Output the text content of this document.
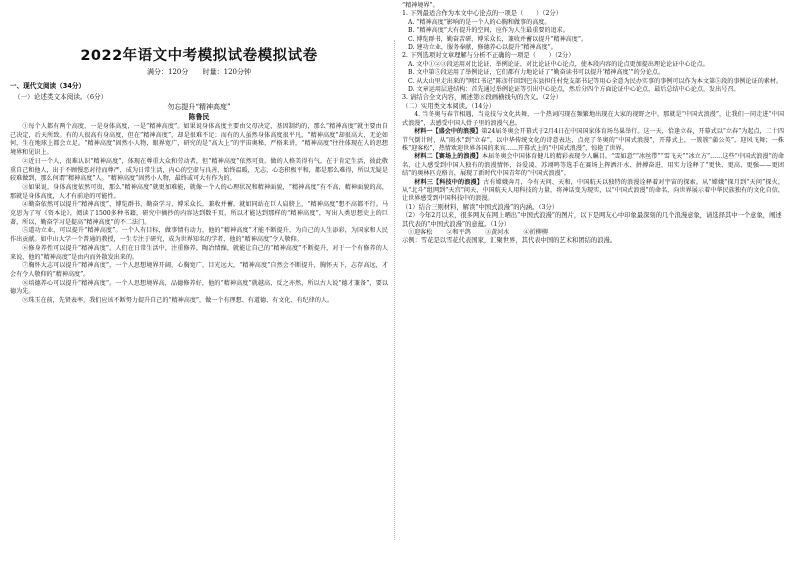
2022年语文中考模拟试卷模拟试卷
满分：120分 时量：120分钟
一、现代文阅读（34分）
（一）论述类文本阅读。（6分）
勿忘提升“精神高度”
陈鲁民

①每个人都有两个高度，一是身体高度，一是“精神高度”。如果说身体高度主要由父母决定、基因制约的，那么“精神高度”就主要由自己决定，后天所致。有的人很高有身高度，但在“精神高度”，却是很难不足；而有的人虽然身体高度很平凡，“精神高度”却很高大，无论如何，生在地球上都会立足。“精神高度”固然小人物，眼界宽广，研究的是“高大上”的宇宙奥秘，严格来讲，“精神高度”往往体现在人的思想境界和见识上。

②近日一个人，很难认识“精神高度”，体现在尊重大众和劳动者，但“精神高度”依然可贵。做的人格美得有气，在于肯定生活，彼此敬重自己和他人，出于不顾慢恶对待而尊严，成为日常生活，内心的空虚与良善，始终温暖，无志，心态积极平和，都是那么难得，所以无疑是较难做到，那么何谓“精神高度”人。“精神高度”固然小人物，最终或可大有作为的。

③如果说，身体高度依然可贵，那么“精神高度”就更加难能，就像一个人的心理状况和精神面貌，“精神高度”有不高，精神面貌的高，那就是身体高度，人才有前途的可能性。

④勤奋依然可以提升“精神高度”，博览群书，勤奋学习，博采众长，兼收并蓄。就如同站在巨人肩膀上，“精神高度”想不高都不行。马克思为了写《资本论》，阅读了1500多种书籍，研究中摘抄的内容达到数千页，所以才能达到那样的“精神高度”，写出人类思想史上的巨著，所以，勤奋学习是提高“精神高度”的不二法门。

⑤道功立业，可以提升“精神高度”。一个人有目标，做事情有动力，他的“精神高度”才能不断提升，为自己的人生添彩，为国家和人民作出贡献。如中山大学一个普通的教授，一生专注于研究，成为世界知名的学者，他的“精神高度”令人敬仰。

⑥修身养性可以提升“精神高度”。人们在日常生活中，注重修养，陶冶情操，就能让自己的“精神高度”不断提升，对于一个有修养的人来说，他的“精神高度”是由内而外散发出来的。

⑦胸怀大志可以提升“精神高度”，一个人思想境界开阔，心胸宽广，目光远大，“精神高度”自然会不断提升，胸怀天下，志存高远，才会有令人敬仰的“精神高度”。

⑧培德养心可以提升“精神高度”。一个人思想境界高，品德修养好，他的“精神高度”就越高，反之亦然，所以古人说“德才兼备”，要以德为先。

⑨珠玉在前，先贤表率，我们应该不断努力提升自己的“精神高度”，做一个有理想、有道德、有文化、有纪律的人。

“精神境界”。
1. 下列最适合作为本文中心论点的一项是（　　）（2分）
A. “精神高度”影响的是一个人的心胸和做事的高度。
B. “精神高度”大有提升的空间，应作为人生最重要的追求。
C. 博览群书，勤奋苦研，博采众长，兼收并蓄以提升“精神高度”。
D. 建功立业，服务奉献，修德养心以提升“精神高度”。
2. 下列选项对文章理解与分析不正确的一项是（　　）（2分）
A. 文中①②③段运用对比论证、举例论证，对比论证中心论点，使本段内容的论点更加提出理论论证中心论点。
B. 文中第⑤段运用了举例论证，它们都有力地论证了“勤奋读书可以提升‘精神高度’”的分论点。
C. 从大山里走出来的“网红书记”陈彦仟回到巴东县担任村党支部书记等用心全意为民办实事的事例可以作为本文第⑤段的事例论证的素材。
D. 文章运用层进结构：首先通过举例论证等引出中心论点，然后分四个方面论证中心论点，最后总结中心论点，发出号召。
3. 请结合全文内容，阐述第⑧段画横线句的含义。（2分）
（二）实用类文本阅读。（14分）
4. 当冬奥与春节相遇，当竞技与文化共舞，一个热词闪现在频繁地出现在大家的视野之中，那就是“中国式浪漫”，让我们一同走进“中国式浪漫”，去感受中国人骨子里的浪漫气息。
材料一【盛会中的浪漫】第24届冬奥会开幕式于2月4日在中国国家体育场鸟巢举行。这一天，恰逢立春，开幕式以“立春”为起点，二十四节气倒计时，从“雨水”到“立春”，以中华传统文化的诗意表达，点亮了冬奥的“中国式浪漫”，开幕式上，一簇簇“蒲公英”，迎风飞舞；一株株“迎客松”，热情欢迎世界各国的来宾……开幕式上的“中国式浪漫”，惊艳了世界。
材料二【赛场上的浪漫】本届冬奥会中国体育健儿的精彩表现令人瞩目。“雪如意”“冰丝带”“雪飞天”“冰立方”……这些“中国式浪漫”的命名，让人感受到中国人独有的浪漫情怀，谷爱凌、苏翊鸣等选手在赛场上挥洒汗水、拼搏奋进，用实力诠释了“更快、更高、更强——更团结”的奥林匹克格言，展现了新时代中国青年的“中国式浪漫”。
材料三【科技中的浪漫】古有嫦娥奔月，今有天问、天和，中国航天以独特的浪漫诠释着对宇宙的探索。从“嫦娥”探月到“天问”探火，从“北斗”组网到“天宫”问天，中国航天人用科技的力量，将神话变为现实，以“中国式浪漫”的命名，向世界展示着中华民族独有的文化自信，让世界感受到中国科技中的浪漫。
（1）结合三则材料，解读“中国式浪漫”的内涵。（3分）
（2）今年2月以来，很多网友在网上晒出“中国式浪漫”的图片，以下是网友心中印象最深刻的几个浪漫意象，请选择其中一个意象，阐述其代表的“中国式浪漫”的意蕴。（1分）
①迎客松　　 ②和平鸽　　 ③黄河水　　 ④折柳柳
示例：雪花是以雪花代表国家，汇聚世界，其代表中国的艺术和团结的浪漫。
